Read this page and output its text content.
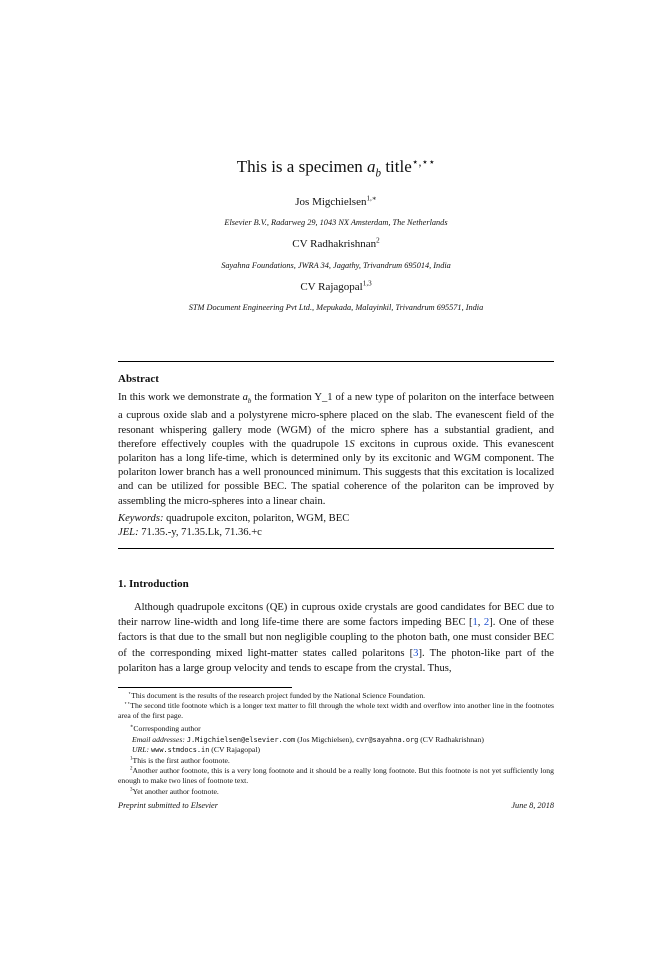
This is a specimen $a_b$ title⋆,⋆⋆
Jos Migchielsen$^{1,∗}$
Elsevier B.V., Radarweg 29, 1043 NX Amsterdam, The Netherlands
CV Radhakrishnan$^2$
Sayahna Foundations, JWRA 34, Jagathy, Trivandrum 695014, India
CV Rajagopal$^{1,3}$
STM Document Engineering Pvt Ltd., Mepukada, Malayinkil, Trivandrum 695571, India
Abstract
In this work we demonstrate $a_b$ the formation Y_1 of a new type of polariton on the interface between a cuprous oxide slab and a polystyrene micro-sphere placed on the slab. The evanescent field of the resonant whispering gallery mode (WGM) of the micro sphere has a substantial gradient, and therefore effectively couples with the quadrupole 1S excitons in cuprous oxide. This evanescent polariton has a long life-time, which is determined only by its excitonic and WGM component. The polariton lower branch has a well pronounced minimum. This suggests that this excitation is localized and can be utilized for possible BEC. The spatial coherence of the polariton can be improved by assembling the micro-spheres into a linear chain.
Keywords: quadrupole exciton, polariton, WGM, BEC
JEL: 71.35.-y, 71.35.Lk, 71.36.+c
1. Introduction
Although quadrupole excitons (QE) in cuprous oxide crystals are good candidates for BEC due to their narrow line-width and long life-time there are some factors impeding BEC [1, 2]. One of these factors is that due to the small but non negligible coupling to the photon bath, one must consider BEC of the corresponding mixed light-matter states called polaritons [3]. The photon-like part of the polariton has a large group velocity and tends to escape from the crystal. Thus,
⋆This document is the results of the research project funded by the National Science Foundation.
⋆⋆The second title footnote which is a longer text matter to fill through the whole text width and overflow into another line in the footnotes area of the first page.
∗Corresponding author
Email addresses: J.Migchielsen@elsevier.com (Jos Migchielsen), cvr@sayahna.org (CV Radhakrishnan)
URL: www.stmdocs.in (CV Rajagopal)
$^1$This is the first author footnote.
$^2$Another author footnote, this is a very long footnote and it should be a really long footnote. But this footnote is not yet sufficiently long enough to make two lines of footnote text.
$^3$Yet another author footnote.
Preprint submitted to Elsevier	June 8, 2018
